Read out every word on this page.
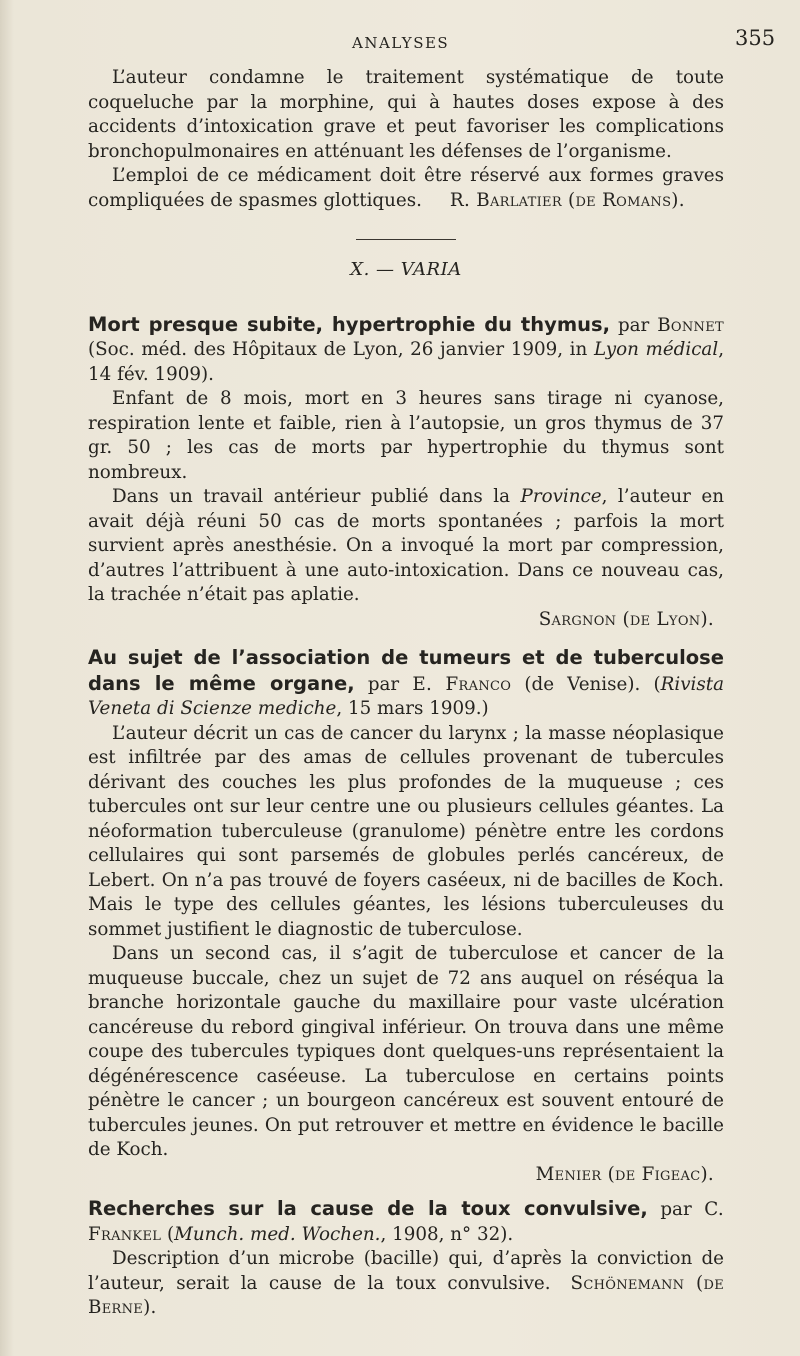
ANALYSES	355

L’auteur condamne le traitement systématique de toute coqueluche par la morphine, qui à hautes doses expose à des accidents d’intoxication grave et peut favoriser les complications bronchopulmonaires en atténuant les défenses de l’organisme.

L’emploi de ce médicament doit être réservé aux formes graves compliquées de spasmes glottiques. R. Barlatier (de Romans).

X. — VARIA

Mort presque subite, hypertrophie du thymus, par Bonnet (Soc. méd. des Hôpitaux de Lyon, 26 janvier 1909, in Lyon médical, 14 fév. 1909).

Enfant de 8 mois, mort en 3 heures sans tirage ni cyanose, respiration lente et faible, rien à l’autopsie, un gros thymus de 37 gr. 50 ; les cas de morts par hypertrophie du thymus sont nombreux.

Dans un travail antérieur publié dans la Province, l’auteur en avait déjà réuni 50 cas de morts spontanées ; parfois la mort survient après anesthésie. On a invoqué la mort par compression, d’autres l’attribuent à une auto-intoxication. Dans ce nouveau cas, la trachée n’était pas aplatie.

Sargnon (de Lyon).

Au sujet de l’association de tumeurs et de tuberculose dans le même organe, par E. Franco (de Venise). (Rivista Veneta di Scienze mediche, 15 mars 1909.)

L’auteur décrit un cas de cancer du larynx ; la masse néoplasique est infiltrée par des amas de cellules provenant de tubercules dérivant des couches les plus profondes de la muqueuse ; ces tubercules ont sur leur centre une ou plusieurs cellules géantes. La néoformation tuberculeuse (granulome) pénètre entre les cordons cellulaires qui sont parsemés de globules perlés cancéreux, de Lebert. On n’a pas trouvé de foyers caséeux, ni de bacilles de Koch. Mais le type des cellules géantes, les lésions tuberculeuses du sommet justifient le diagnostic de tuberculose.

Dans un second cas, il s’agit de tuberculose et cancer de la muqueuse buccale, chez un sujet de 72 ans auquel on réséqua la branche horizontale gauche du maxillaire pour vaste ulcération cancéreuse du rebord gingival inférieur. On trouva dans une même coupe des tubercules typiques dont quelques-uns représentaient la dégénérescence caséeuse. La tuberculose en certains points pénètre le cancer ; un bourgeon cancéreux est souvent entouré de tubercules jeunes. On put retrouver et mettre en évidence le bacille de Koch.

Menier (de Figeac).

Recherches sur la cause de la toux convulsive, par C. Frankel (Munch. med. Wochen., 1908, n° 32).

Description d’un microbe (bacille) qui, d’après la conviction de l’auteur, serait la cause de la toux convulsive. Schönemann (de Berne).
